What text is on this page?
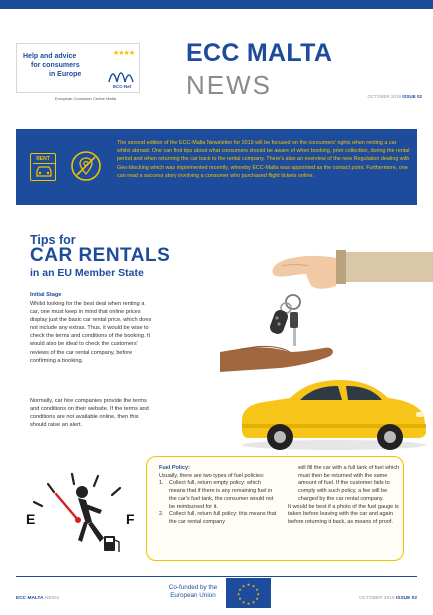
Help and advice
for consumers
in Europe
★★★★
ECC-Net
European Consumer Centre Malta
ECC MALTA
NEWS	OCTOBER 2019 ISSUE 02
RENT
The second edition of the ECC-Malta Newsletter for 2019 will be focused on the consumers' rights when renting a car whilst abroad. One can find tips about what consumers should be aware of when booking, prior collection, during the rental period and when returning the car back to the rental company. There's also an overview of the new Regulation dealing with Geo-blocking which was implemented recently, whereby ECC-Malta was appointed as the contact point. Furthermore, one can read a success story involving a consumer who purchased flight tickets online.
Tips for
CAR RENTALS
in an EU Member State
Initial Stage
Whilst looking for the best deal when renting a car, one must keep in mind that online prices display just the basic car rental price, which does not include any extras. Thus, it would be wise to check the terms and conditions of the booking. It would also be ideal to check the customers' reviews of the car rental company, before confirming a booking.
Normally, car hire companies provide the terms and conditions on their website. If the terms and conditions are not available online, then this should raise an alert.
E	F
Fuel Policy:
Usually, there are two types of fuel policies:
1. Collect full, return empty policy: which means that if there is any remaining fuel in the car's fuel tank, the consumer would not be reimbursed for it.
2. Collect full, return full policy: this means that the car rental company
will fill the car with a full tank of fuel which must then be returned with the same amount of fuel. If the customer fails to comply with such policy, a fee will be charged by the car rental company.
It would be best if a photo of the fuel gauge is taken before leaving with the car and again before returning it back, as means of proof.
ECC MALTA NEWS
Co-funded by the
European Union
★ ★
★
★
★
★
★
★
★
★
★
★
OCTOBER 2019 ISSUE 02
